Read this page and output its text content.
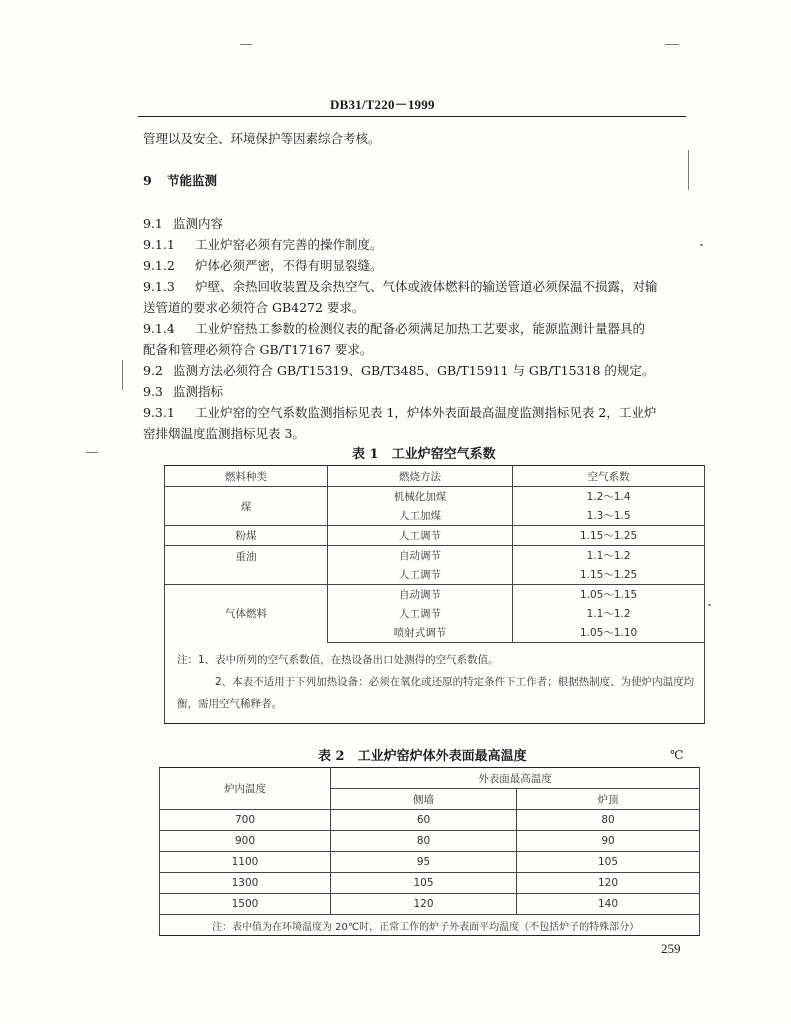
DB31/T220－1999
管理以及安全、环境保护等因素综合考核。
9 节能监测
9.1 监测内容
9.1.1 工业炉窑必须有完善的操作制度。
9.1.2 炉体必须严密，不得有明显裂缝。
9.1.3 炉壁、余热回收装置及余热空气、气体或液体燃料的输送管道必须保温不损露，对输
送管道的要求必须符合 GB4272 要求。
9.1.4 工业炉窑热工参数的检测仪表的配备必须满足加热工艺要求，能源监测计量器具的
配备和管理必须符合 GB/T17167 要求。
9.2 监测方法必须符合 GB/T15319、GB/T3485、GB/T15911 与 GB/T15318 的规定。
9.3 监测指标
9.3.1 工业炉窑的空气系数监测指标见表 1，炉体外表面最高温度监测指标见表 2，工业炉
窑排烟温度监测指标见表 3。
表 1　工业炉窑空气系数
燃料种类	燃烧方法	空气系数
煤	机械化加煤	1.2～1.4
	人工加煤	1.3～1.5
粉煤	人工调节	1.15～1.25
重油	自动调节	1.1～1.2
	人工调节	1.15～1.25
气体燃料	自动调节	1.05～1.15
	人工调节	1.1～1.2
	喷射式调节	1.05～1.10

注：1、表中所列的空气系数值，在热设备出口处测得的空气系数值。
2、本表不适用于下列加热设备：必须在氧化或还原的特定条件下工作者；根据热制度、为使炉内温度均
衡，需用空气稀释者。		
表 2　工业炉窑炉体外表面最高温度	℃
炉内温度	外表面最高温度	
	侧墙	炉顶
700	60	80
900	80	90
1100	95	105
1300	105	120
1500	120	140
注：表中值为在环境温度为 20℃时，正常工作的炉子外表面平均温度（不包括炉子的特殊部分）		
259
